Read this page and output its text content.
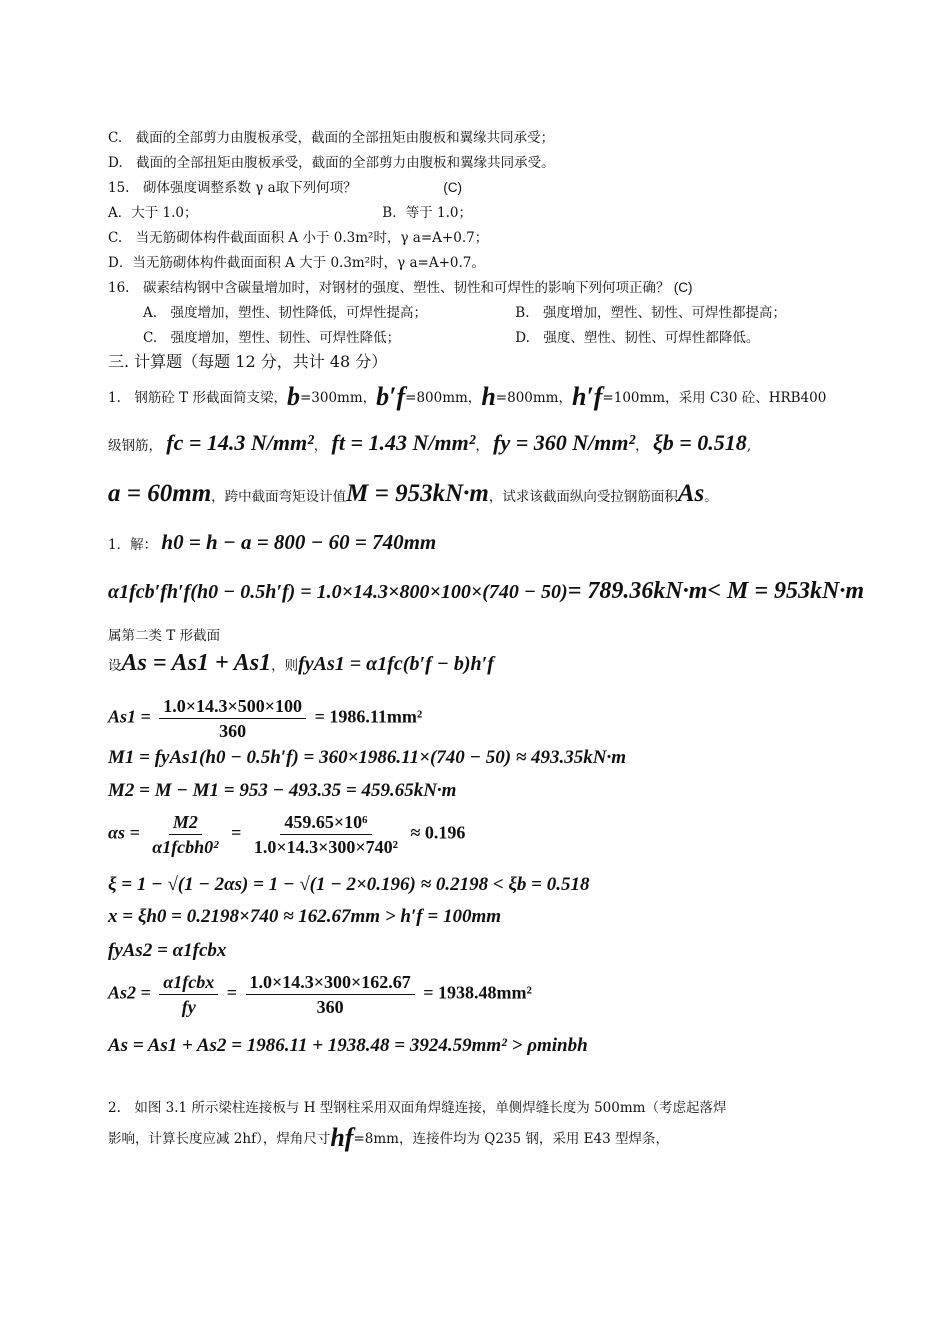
C.　截面的全部剪力由腹板承受，截面的全部扭矩由腹板和翼缘共同承受；
D.　截面的全部扭矩由腹板承受，截面的全部剪力由腹板和翼缘共同承受。
15.　砌体强度调整系数 γ a取下列何项？	(C)
A．大于 1.0；	B．等于 1.0；
C.　当无筋砌体构件截面面积 A 小于 0.3m²时，γ a=A+0.7；
D．当无筋砌体构件截面面积 A 大于 0.3m²时，γ a=A+0.7。
16.　碳素结构钢中含碳量增加时，对钢材的强度、塑性、韧性和可焊性的影响下列何项正确？ (C)
A.　强度增加，塑性、韧性降低，可焊性提高；	B.　强度增加，塑性、韧性、可焊性都提高；
C.　强度增加，塑性、韧性、可焊性降低；	D.　强度、塑性、韧性、可焊性都降低。
三. 计算题（每题 12 分，共计 48 分）
1.　钢筋砼 T 形截面简支梁，b=300mm，b′f=800mm，h=800mm，h′f=100mm，采用 C30 砼、HRB400
级钢筋， fc = 14.3 N/mm²， ft = 1.43 N/mm²， fy = 360 N/mm²， ξb = 0.518,
a = 60mm，跨中截面弯矩设计值M = 953kN·m，试求该截面纵向受拉钢筋面积As。
1．解： h0 = h − a = 800 − 60 = 740mm
α1fcb′fh′f(h0 − 0.5h′f) = 1.0×14.3×800×100×(740 − 50)= 789.36kN·m< M = 953kN·m
属第二类 T 形截面
设As = As1 + As1，则fyAs1 = α1fc(b′f − b)h′f
$As1 = \frac{1.0\times 14.3\times 500\times 100}{360} = 1986.11mm^2$
M1 = fyAs1(h0 − 0.5h′f) = 360×1986.11×(740 − 50) ≈ 493.35kN·m
M2 = M − M1 = 953 − 493.35 = 459.65kN·m
$\alpha s = \frac{M2}{\text{α1fcbh0²}} = \frac{\text{459.65×10⁶}}{\text{1.0×14.3×300×740²}} \approx 0.196$
ξ = 1 − √(1 − 2αs) = 1 − √(1 − 2×0.196) ≈ 0.2198 < ξb = 0.518
x = ξh0 = 0.2198×740 ≈ 162.67mm > h′f = 100mm
fyAs2 = α1fcbx
$As2 = \frac{\text{α1fcbx}}{fy} = \frac{1.0\times 14.3\times 300\times 162.67}{360} = 1938.48mm^2$
As = As1 + As2 = 1986.11 + 1938.48 = 3924.59mm² > ρminbh
2.　如图 3.1 所示梁柱连接板与 H 型钢柱采用双面角焊缝连接，单侧焊缝长度为 500mm（考虑起落焊
影响，计算长度应减 2hf），焊角尺寸hf=8mm，连接件均为 Q235 钢，采用 E43 型焊条，
